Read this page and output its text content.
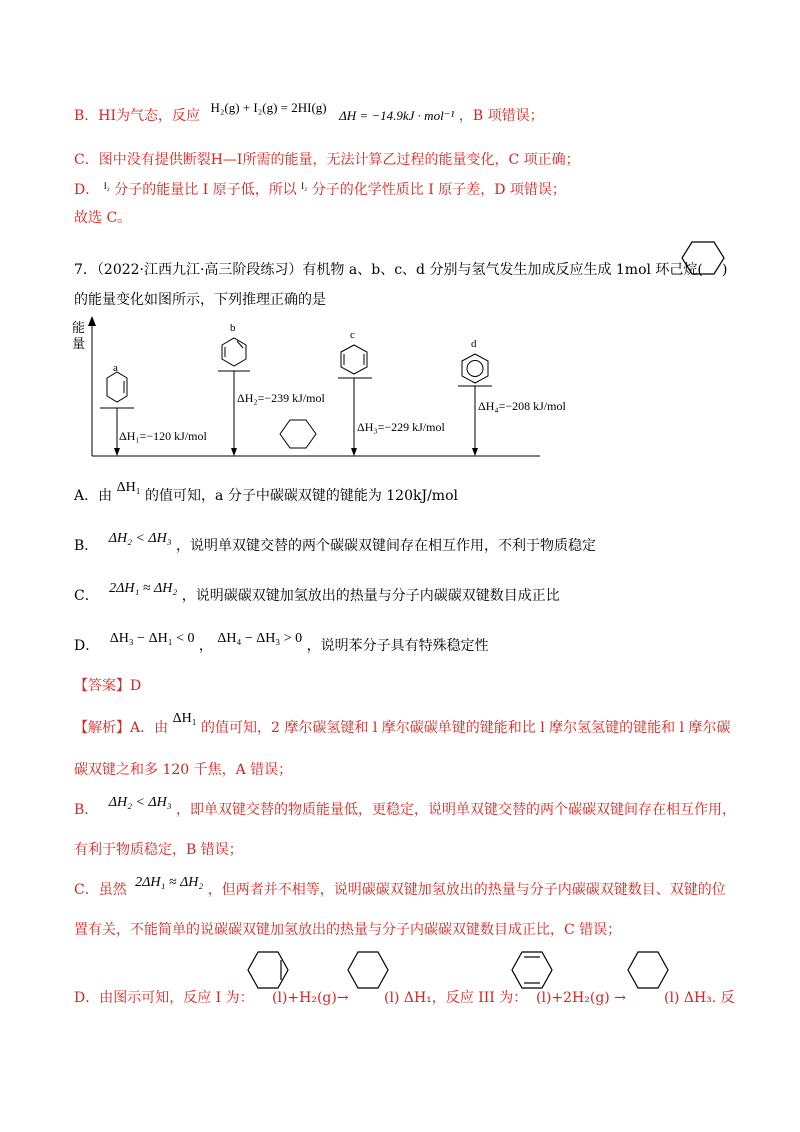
B．HI为气态，反应 H₂(g) + I₂(g) = 2HI(g) ΔH = −14.9kJ · mol⁻¹ ，B 项错误；
C．图中没有提供断裂H—I所需的能量，无法计算乙过程的能量变化，C 项正确；
D． $^{I_2}$ 分子的能量比 I 原子低，所以 $^{I_2}$ 分子的化学性质比 I 原子差，D 项错误；
故选 C。
7．（2022·江西九江·高三阶段练习）有机物 a、b、c、d 分别与氢气发生加成反应生成 1mol 环己烷( )
的能量变化如图所示，下列推理正确的是
能
量
a
b
c
d
ΔH₁=−120 kJ/mol
ΔH₂=−239 kJ/mol
ΔH₃=−229 kJ/mol
ΔH₄=−208 kJ/mol
A．由 ΔH₁ 的值可知，a 分子中碳碳双键的键能为 120kJ/mol
B． ΔH₂ < ΔH₃ ，说明单双键交替的两个碳碳双键间存在相互作用，不利于物质稳定
C． 2ΔH₁ ≈ ΔH₂ ，说明碳碳双键加氢放出的热量与分子内碳碳双键数目成正比
D． ΔH₃ − ΔH₁ < 0 ， ΔH₄ − ΔH₃ > 0 ，说明苯分子具有特殊稳定性
【答案】D
【解析】A．由 ΔH₁ 的值可知，2 摩尔碳氢键和 l 摩尔碳碳单键的键能和比 l 摩尔氢氢键的键能和 l 摩尔碳
碳双键之和多 120 千焦，A 错误；
B． ΔH₂ < ΔH₃ ，即单双键交替的物质能量低，更稳定，说明单双键交替的两个碳碳双键间存在相互作用，
有利于物质稳定，B 错误；
C．虽然 2ΔH₁ ≈ ΔH₂ ，但两者并不相等，说明碳碳双键加氢放出的热量与分子内碳碳双键数目、双键的位
置有关，不能简单的说碳碳双键加氢放出的热量与分子内碳碳双键数目成正比，C 错误；
D．由图示可知，反应 I 为： (l)+H₂(g)→	(l) ΔH₁，反应 III 为： (l)+2H₂(g) →	(l) ΔH₃. 反
